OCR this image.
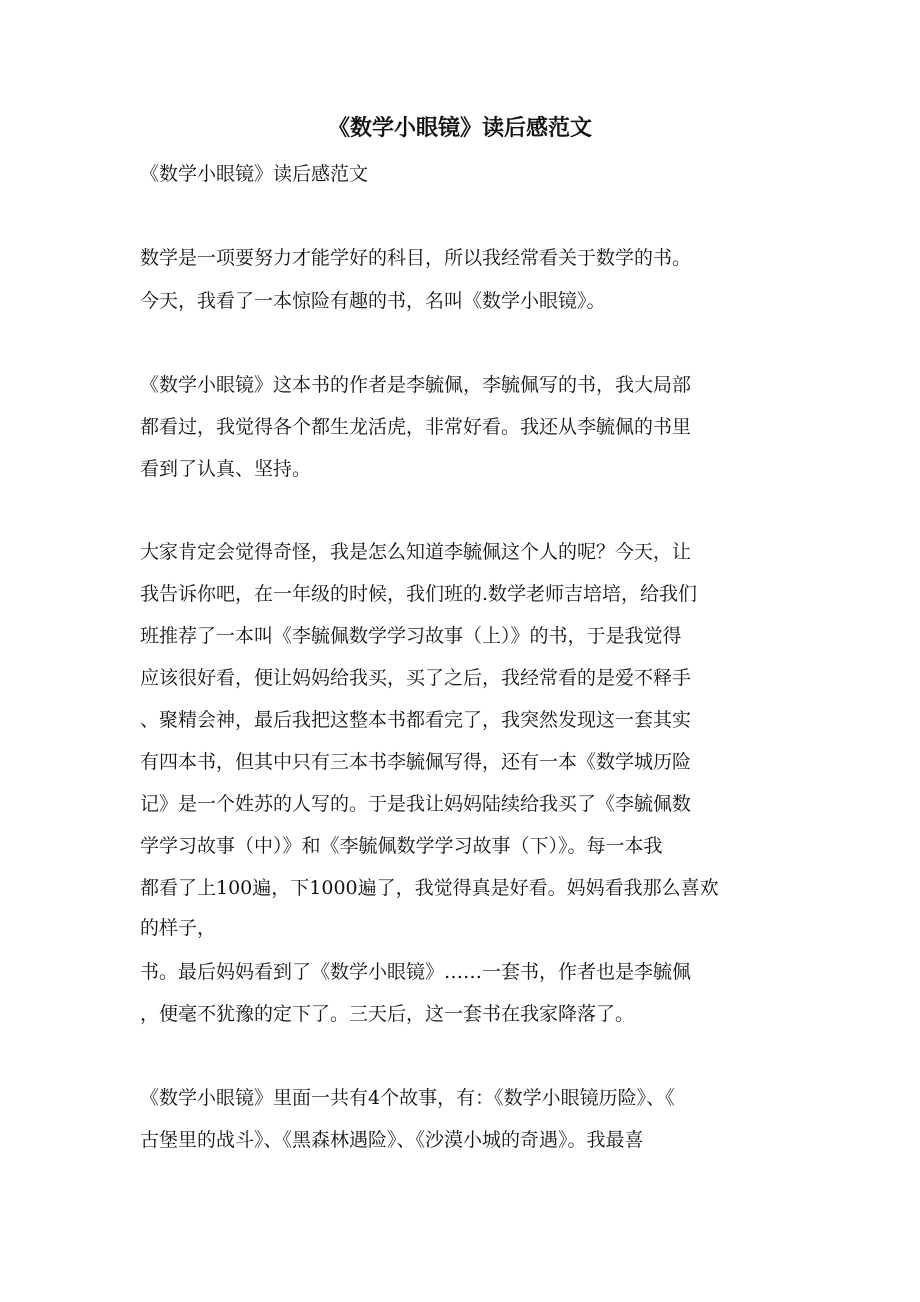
《数学小眼镜》读后感范文
《数学小眼镜》读后感范文
数学是一项要努力才能学好的科目，所以我经常看关于数学的书。
今天，我看了一本惊险有趣的书，名叫《数学小眼镜》。
《数学小眼镜》这本书的作者是李毓佩，李毓佩写的书，我大局部
都看过，我觉得各个都生龙活虎，非常好看。我还从李毓佩的书里
看到了认真、坚持。
大家肯定会觉得奇怪，我是怎么知道李毓佩这个人的呢？今天，让
我告诉你吧，在一年级的时候，我们班的.数学老师吉培培，给我们
班推荐了一本叫《李毓佩数学学习故事（上）》的书，于是我觉得
应该很好看，便让妈妈给我买，买了之后，我经常看的是爱不释手
、聚精会神，最后我把这整本书都看完了，我突然发现这一套其实
有四本书，但其中只有三本书李毓佩写得，还有一本《数学城历险
记》是一个姓苏的人写的。于是我让妈妈陆续给我买了《李毓佩数
学学习故事（中）》和《李毓佩数学学习故事（下）》。每一本我
都看了上100遍，下1000遍了，我觉得真是好看。妈妈看我那么喜欢
的样子，
书。最后妈妈看到了《数学小眼镜》……一套书，作者也是李毓佩
，便毫不犹豫的定下了。三天后，这一套书在我家降落了。
《数学小眼镜》里面一共有4个故事，有：《数学小眼镜历险》、《
古堡里的战斗》、《黑森林遇险》、《沙漠小城的奇遇》。我最喜
